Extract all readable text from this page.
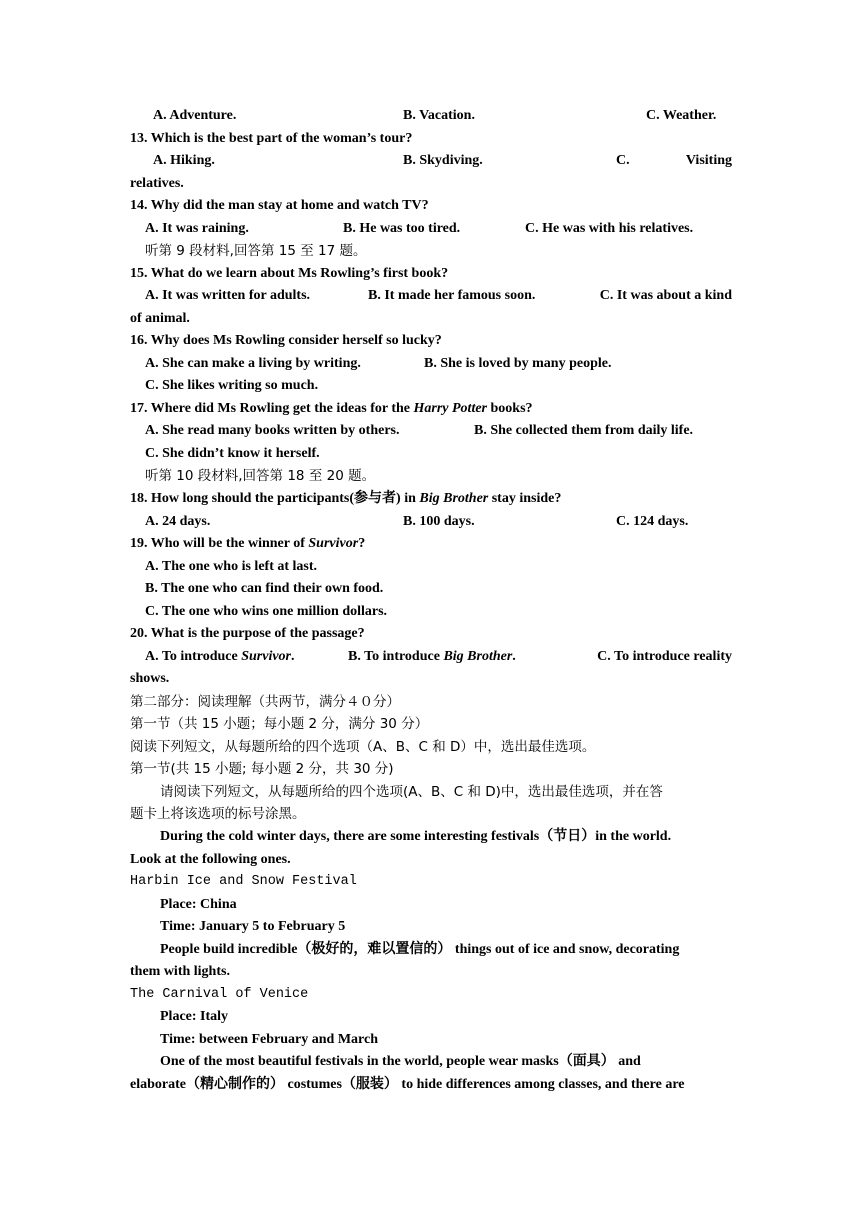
A. Adventure.	B. Vacation.	C. Weather.
13. Which is the best part of the woman’s tour?
A. Hiking.	B. Skydiving.	C.	Visiting
relatives.
14. Why did the man stay at home and watch TV?
A. It was raining.	B. He was too tired.	C. He was with his relatives.
听第 9 段材料,回答第 15 至 17 题。
15. What do we learn about Ms Rowling’s first book?
A. It was written for adults.	B. It made her famous soon.	C. It was about a kind
of animal.
16. Why does Ms Rowling consider herself so lucky?
A. She can make a living by writing.	B. She is loved by many people.
C. She likes writing so much.
17. Where did Ms Rowling get the ideas for the Harry Potter books?
A. She read many books written by others.	B. She collected them from daily life.
C. She didn’t know it herself.
听第 10 段材料,回答第 18 至 20 题。
18. How long should the participants(参与者) in Big Brother stay inside?
A. 24 days.	B. 100 days.	C. 124 days.
19. Who will be the winner of Survivor?
A. The one who is left at last.
B. The one who can find their own food.
C. The one who wins one million dollars.
20. What is the purpose of the passage?
A. To introduce Survivor.	B. To introduce Big Brother.	C. To introduce reality
shows.
第二部分：阅读理解（共两节，满分４０分）
第一节（共 15 小题；每小题 2 分，满分 30 分）
阅读下列短文，从每题所给的四个选项（A、B、C 和 D）中，选出最佳选项。
第一节(共 15 小题; 每小题 2 分，共 30 分)
请阅读下列短文，从每题所给的四个选项(A、B、C 和 D)中，选出最佳选项，并在答
题卡上将该选项的标号涂黑。
During the cold winter days, there are some interesting festivals（节日）in the world.
Look at the following ones.
Harbin Ice and Snow Festival
Place: China
Time: January 5 to February 5
People build incredible（极好的，难以置信的） things out of ice and snow, decorating
them with lights.
The Carnival of Venice
Place: Italy
Time: between February and March
One of the most beautiful festivals in the world, people wear masks（面具） and
elaborate（精心制作的） costumes（服装） to hide differences among classes, and there are
